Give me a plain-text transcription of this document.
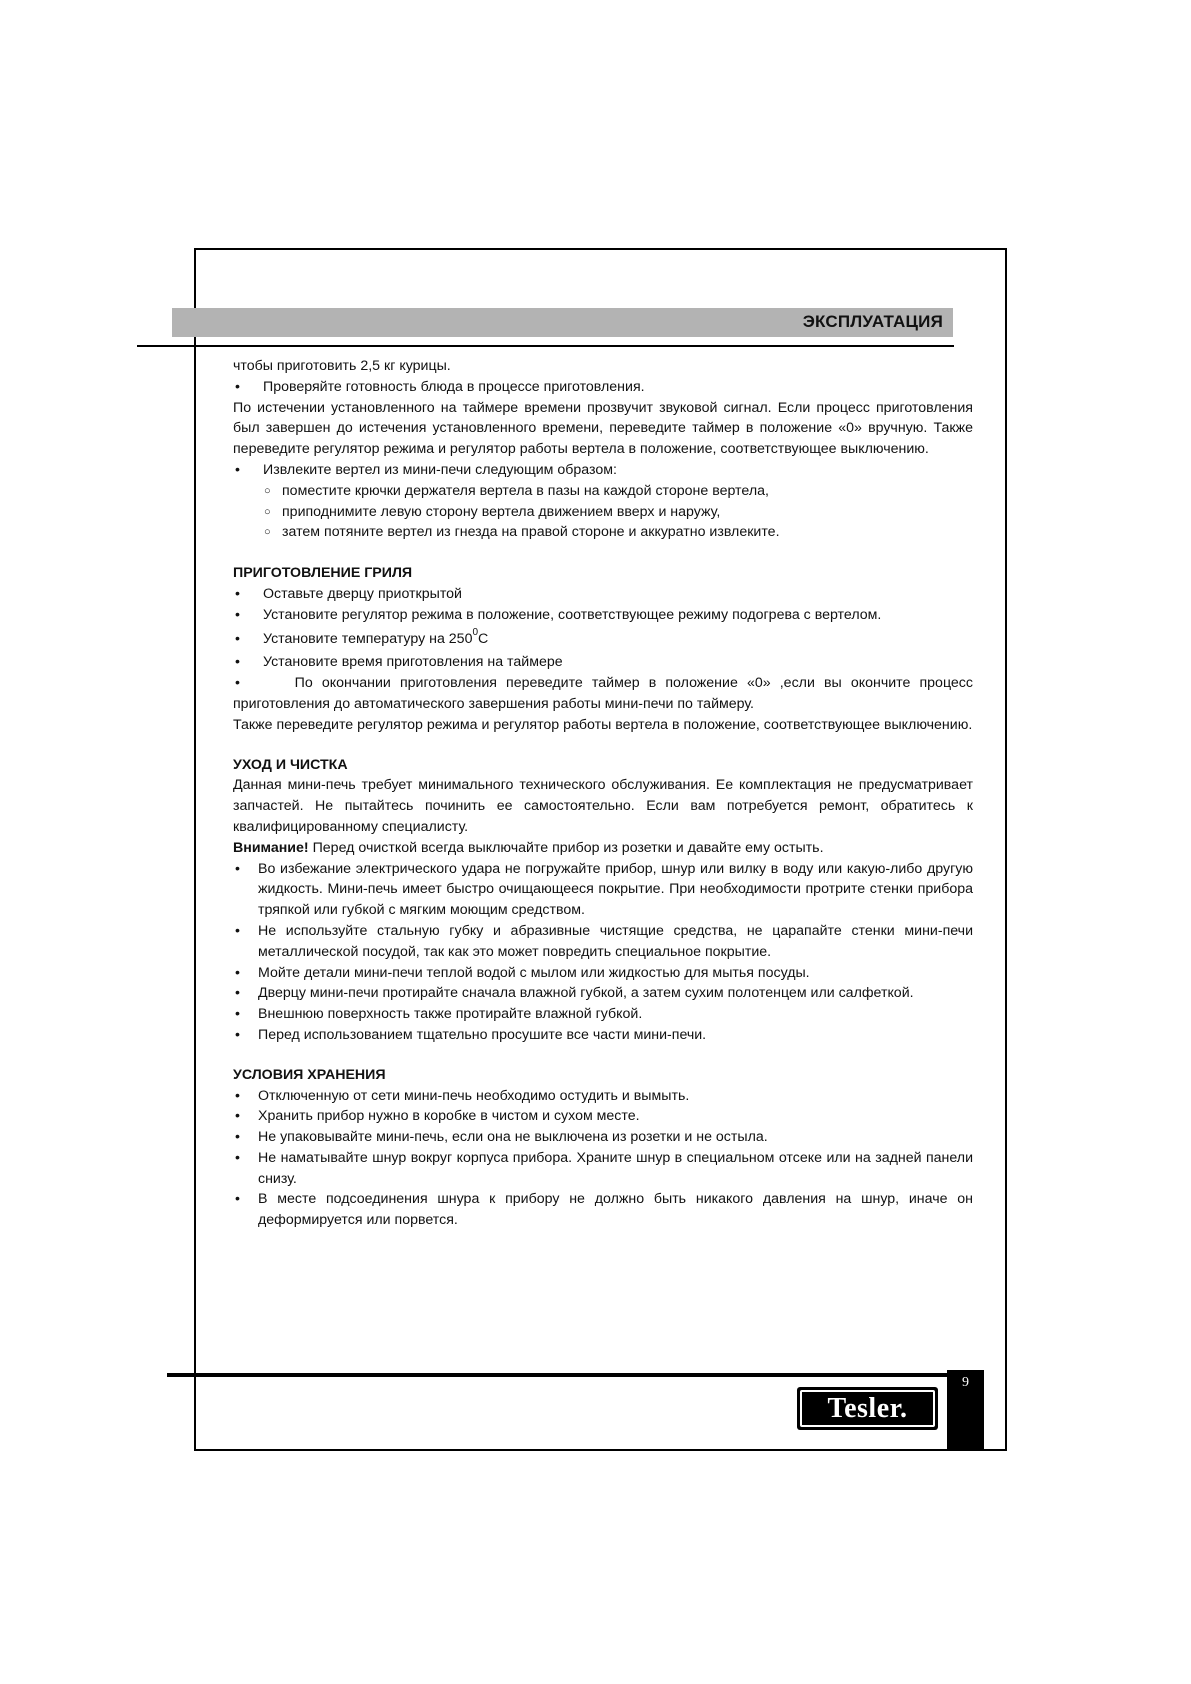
ЭКСПЛУАТАЦИЯ

чтобы приготовить 2,5 кг курицы.

• Проверяйте готовность блюда в процессе приготовления.

По истечении установленного на таймере времени прозвучит звуковой сигнал. Если процесс приготовления был завершен до истечения установленного времени, переведите таймер в положение «0» вручную. Также переведите регулятор режима и регулятор работы вертела в положение, соответствующее выключению.

• Извлеките вертел из мини-печи следующим образом:

○ поместите крючки держателя вертела в пазы на каждой стороне вертела,

○ приподнимите левую сторону вертела движением вверх и наружу,

○ затем потяните вертел из гнезда на правой стороне и аккуратно извлеките.

ПРИГОТОВЛЕНИЕ ГРИЛЯ

• Оставьте дверцу приоткрытой

• Установите регулятор режима в положение, соответствующее режиму подогрева с вертелом.

• Установите температуру на $250^0С$

• Установите время приготовления на таймере

•      По окончании приготовления переведите таймер в положение «0» ,если вы окончите процесс приготовления до автоматического завершения работы мини-печи по таймеру.

Также переведите регулятор режима и регулятор работы вертела в положение, соответствующее выключению.

УХОД И ЧИСТКА

Данная мини-печь требует минимального технического обслуживания. Ее комплектация не предусматривает запчастей. Не пытайтесь починить ее самостоятельно. Если вам потребуется ремонт, обратитесь к квалифицированному специалисту.

Внимание! Перед очисткой всегда выключайте прибор из розетки и давайте ему остыть.

• Во избежание электрического удара не погружайте прибор, шнур или вилку в воду или какую-либо другую жидкость. Мини-печь имеет быстро очищающееся покрытие. При необходимости протрите стенки прибора тряпкой или губкой с мягким моющим средством.

• Не используйте стальную губку и абразивные чистящие средства, не царапайте стенки мини-печи металлической посудой, так как это может повредить специальное покрытие.

• Мойте детали мини-печи теплой водой с мылом или жидкостью для мытья посуды.

• Дверцу мини-печи протирайте сначала влажной губкой, а затем сухим полотенцем или салфеткой.

• Внешнюю поверхность также протирайте влажной губкой.

• Перед использованием тщательно просушите все части мини-печи.

УСЛОВИЯ ХРАНЕНИЯ

• Отключенную от сети мини-печь необходимо остудить и вымыть.

• Хранить прибор нужно в коробке в чистом и сухом месте.

• Не упаковывайте мини-печь, если она не выключена из розетки и не остыла.

• Не наматывайте шнур вокруг корпуса прибора. Храните шнур в специальном отсеке или на задней панели снизу.

• В месте подсоединения шнура к прибору не должно быть никакого давления на шнур, иначе он деформируется или порвется.

9
Tesler.
